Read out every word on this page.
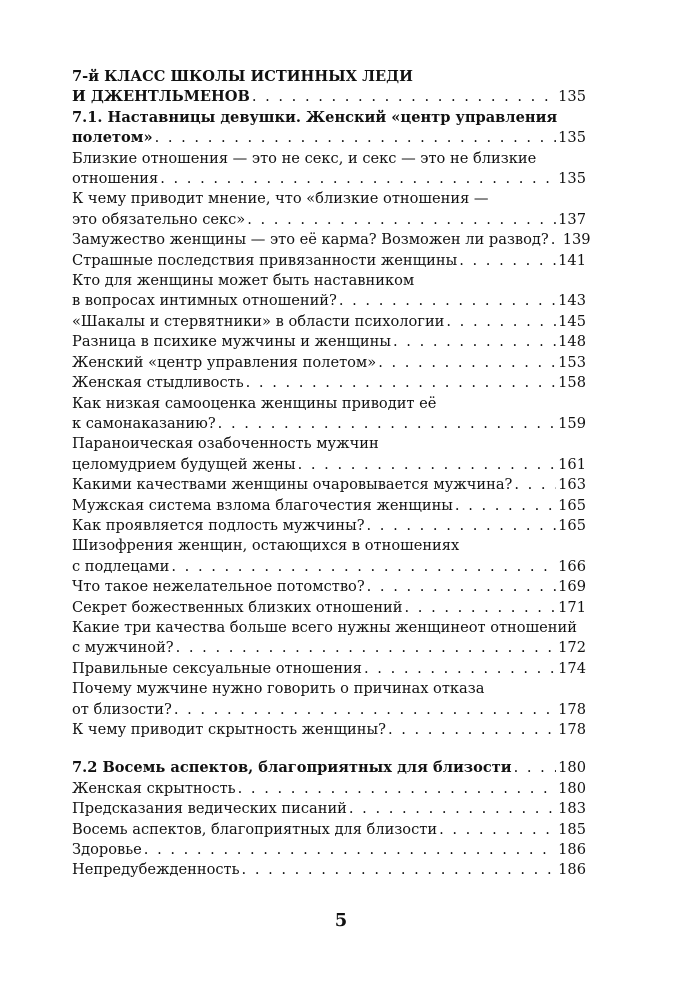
7-й КЛАСС ШКОЛЫ ИСТИННЫХ ЛЕДИ
И ДЖЕНТЛЬМЕНОВ . . .	135
7.1. Наставницы девушки. Женский «центр управления
полетом» . . .	135
Близкие отношения — это не секс, и секс — это не близкие
отношения . . .	135
К чему приводит мнение, что «близкие отношения —
это обязательно секс» . . .	137
Замужество женщины — это её карма? Возможен ли развод? . . . 139
Страшные последствия привязанности женщины . . .	141
Кто для женщины может быть наставником
в вопросах интимных отношений? . . .	143
«Шакалы и стервятники» в области психологии . . .	145
Разница в психике мужчины и женщины . . .	148
Женский «центр управления полетом» . . .	153
Женская стыдливость . . .	158
Как низкая самооценка женщины приводит её
к самонаказанию? . . .	159
Параноическая озабоченность мужчин
целомудрием будущей жены . . .	161
Какими качествами женщины очаровывается мужчина? . . .	163
Мужская система взлома благочестия женщины . . .	165
Как проявляется подлость мужчины? . . .	165
Шизофрения женщин, остающихся в отношениях
с подлецами . . .	166
Что такое нежелательное потомство? . . .	169
Секрет божественных близких отношений . . .	171
Какие три качества больше всего нужны женщинеот отношений
с мужчиной? . . .	172
Правильные сексуальные отношения . . .	174
Почему мужчине нужно говорить о причинах отказа
от близости? . . .	178
К чему приводит скрытность женщины? . . .	178
7.2 Восемь аспектов, благоприятных для близости . . .	180
Женская скрытность . . .	180
Предсказания ведических писаний . . .	183
Восемь аспектов, благоприятных для близости . . .	185
Здоровье . . .	186
Непредубежденность . . .	186
5
